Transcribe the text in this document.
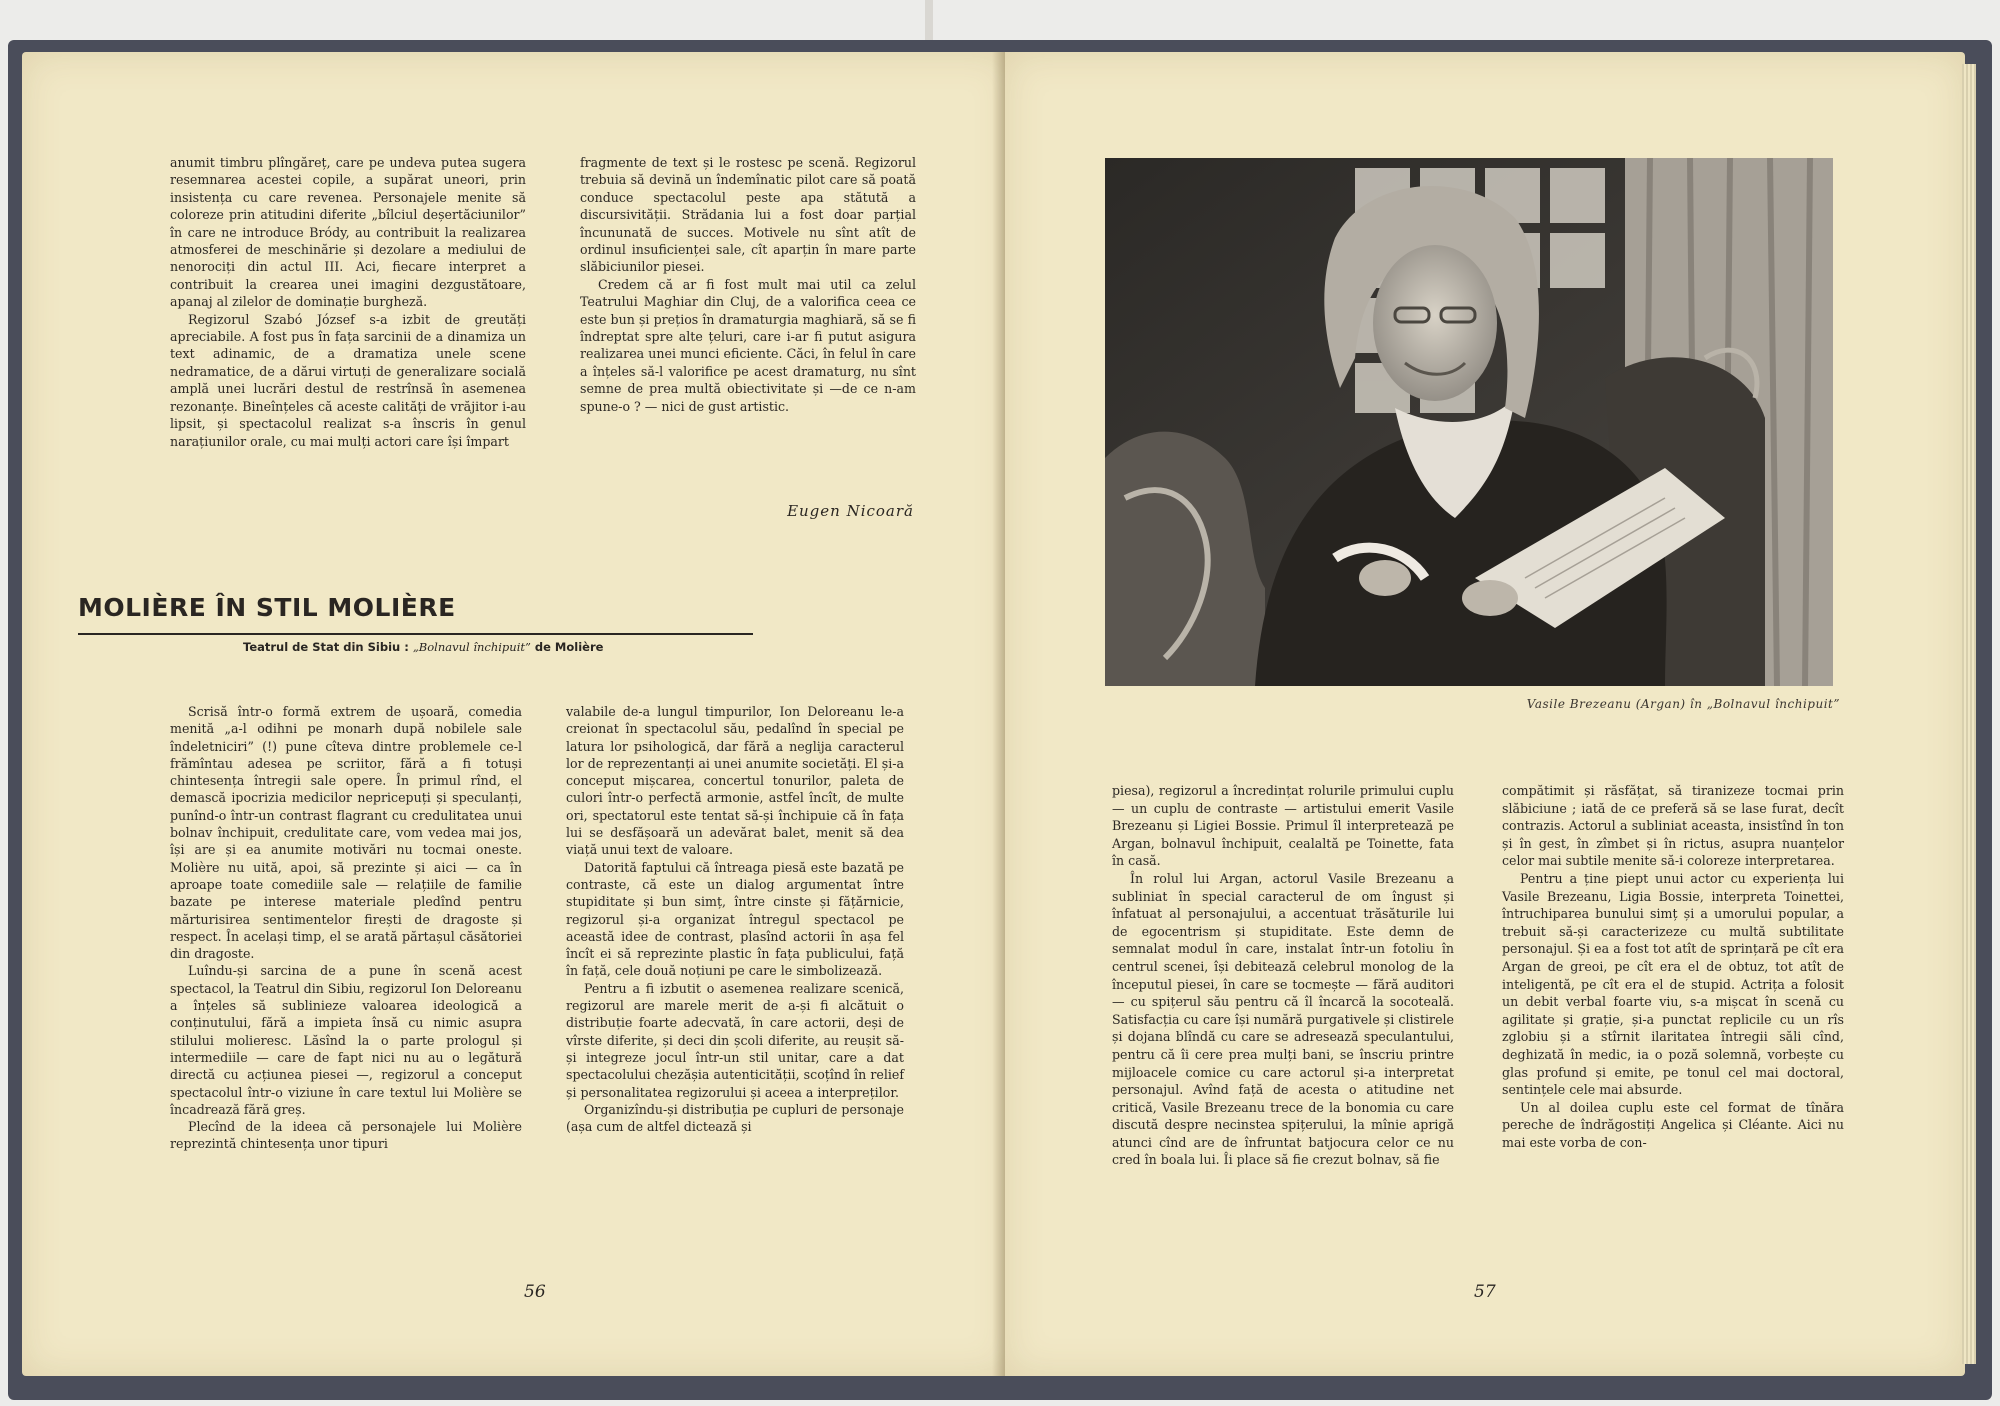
anumit timbru plîngăreț, care pe undeva putea sugera resemnarea acestei copile, a supărat uneori, prin insistența cu care revenea. Personajele menite să coloreze prin atitudini diferite „bîlciul deșertăciunilor” în care ne introduce Bródy, au contribuit la realizarea atmosferei de meschinărie și dezolare a mediului de nenorociți din actul III. Aci, fiecare interpret a contribuit la crearea unei imagini dezgustătoare, apanaj al zilelor de dominație burgheză.

Regizorul Szabó József s-a izbit de greutăți apreciabile. A fost pus în fața sarcinii de a dinamiza un text adinamic, de a dramatiza unele scene nedramatice, de a dărui virtuți de generalizare socială amplă unei lucrări destul de restrînsă în asemenea rezonanțe. Bineînțeles că aceste calități de vrăjitor i-au lipsit, și spectacolul realizat s-a înscris în genul narațiunilor orale, cu mai mulți actori care își împart

fragmente de text și le rostesc pe scenă. Regizorul trebuia să devină un îndemînatic pilot care să poată conduce spectacolul peste apa stătută a discursivității. Strădania lui a fost doar parțial încununată de succes. Motivele nu sînt atît de ordinul insuficienței sale, cît aparțin în mare parte slăbiciunilor piesei.

Credem că ar fi fost mult mai util ca zelul Teatrului Maghiar din Cluj, de a valorifica ceea ce este bun și prețios în dramaturgia maghiară, să se fi îndreptat spre alte țeluri, care i-ar fi putut asigura realizarea unei munci eficiente. Căci, în felul în care a înțeles să-l valorifice pe acest dramaturg, nu sînt semne de prea multă obiectivitate și —de ce n-am spune-o ? — nici de gust artistic.

Eugen Nicoară
MOLIÈRE ÎN STIL MOLIÈRE
Teatrul de Stat din Sibiu : „Bolnavul închipuit” de Molière

Scrisă într-o formă extrem de ușoară, comedia menită „a-l odihni pe monarh după nobilele sale îndeletniciri” (!) pune cîteva dintre problemele ce-l frămîntau adesea pe scriitor, fără a fi totuși chintesența întregii sale opere. În primul rînd, el demască ipocrizia medicilor nepricepuți și speculanți, punînd-o într-un contrast flagrant cu credulitatea unui bolnav închipuit, credulitate care, vom vedea mai jos, își are și ea anumite motivări nu tocmai oneste. Molière nu uită, apoi, să prezinte și aici — ca în aproape toate comediile sale — relațiile de familie bazate pe interese materiale pledînd pentru mărturisirea sentimentelor firești de dragoste și respect. În același timp, el se arată părtașul căsătoriei din dragoste.

Luîndu-și sarcina de a pune în scenă acest spectacol, la Teatrul din Sibiu, regizorul Ion Deloreanu a înțeles să sublinieze valoarea ideologică a conținutului, fără a impieta însă cu nimic asupra stilului molieresc. Lăsînd la o parte prologul și intermediile — care de fapt nici nu au o legătură directă cu acțiunea piesei —, regizorul a conceput spectacolul într-o viziune în care textul lui Molière se încadrează fără greș.

Plecînd de la ideea că personajele lui Molière reprezintă chintesența unor tipuri

valabile de-a lungul timpurilor, Ion Deloreanu le-a creionat în spectacolul său, pedalînd în special pe latura lor psihologică, dar fără a neglija caracterul lor de reprezentanți ai unei anumite societăți. El și-a conceput mișcarea, concertul tonurilor, paleta de culori într-o perfectă armonie, astfel încît, de multe ori, spectatorul este tentat să-și închipuie că în fața lui se desfășoară un adevărat balet, menit să dea viață unui text de valoare.

Datorită faptului că întreaga piesă este bazată pe contraste, că este un dialog argumentat între stupiditate și bun simț, între cinste și fățărnicie, regizorul și-a organizat întregul spectacol pe această idee de contrast, plasînd actorii în așa fel încît ei să reprezinte plastic în fața publicului, față în față, cele două noțiuni pe care le simbolizează.

Pentru a fi izbutit o asemenea realizare scenică, regizorul are marele merit de a-și fi alcătuit o distribuție foarte adecvată, în care actorii, deși de vîrste diferite, și deci din școli diferite, au reușit să-și integreze jocul într-un stil unitar, care a dat spectacolului chezășia autenticității, scoțînd în relief și personalitatea regizorului și aceea a interpreților.

Organizîndu-și distribuția pe cupluri de personaje (așa cum de altfel dictează și

56
Vasile Brezeanu (Argan) în „Bolnavul închipuit”

piesa), regizorul a încredințat rolurile primului cuplu — un cuplu de contraste — artistului emerit Vasile Brezeanu și Ligiei Bossie. Primul îl interpretează pe Argan, bolnavul închipuit, cealaltă pe Toinette, fata în casă.

În rolul lui Argan, actorul Vasile Brezeanu a subliniat în special caracterul de om îngust și înfatuat al personajului, a accentuat trăsăturile lui de egocentrism și stupiditate. Este demn de semnalat modul în care, instalat într-un fotoliu în centrul scenei, își debitează celebrul monolog de la începutul piesei, în care se tocmește — fără auditori — cu spițerul său pentru că îl încarcă la socoteală. Satisfacția cu care își numără purgativele și clistirele și dojana blîndă cu care se adresează speculantului, pentru că îi cere prea mulți bani, se înscriu printre mijloacele comice cu care actorul și-a interpretat personajul. Avînd față de acesta o atitudine net critică, Vasile Brezeanu trece de la bonomia cu care discută despre necinstea spițerului, la mînie aprigă atunci cînd are de înfruntat batjocura celor ce nu cred în boala lui. Îi place să fie crezut bolnav, să fie

compătimit și răsfățat, să tiranizeze tocmai prin slăbiciune ; iată de ce preferă să se lase furat, decît contrazis. Actorul a subliniat aceasta, insistînd în ton și în gest, în zîmbet și în rictus, asupra nuanțelor celor mai subtile menite să-i coloreze interpretarea.

Pentru a ține piept unui actor cu experiența lui Vasile Brezeanu, Ligia Bossie, interpreta Toinettei, întruchiparea bunului simț și a umorului popular, a trebuit să-și caracterizeze cu multă subtilitate personajul. Și ea a fost tot atît de sprințară pe cît era Argan de greoi, pe cît era el de obtuz, tot atît de inteligentă, pe cît era el de stupid. Actrița a folosit un debit verbal foarte viu, s-a mișcat în scenă cu agilitate și grație, și-a punctat replicile cu un rîs zglobiu și a stîrnit ilaritatea întregii săli cînd, deghizată în medic, ia o poză solemnă, vorbește cu glas profund și emite, pe tonul cel mai doctoral, sentințele cele mai absurde.

Un al doilea cuplu este cel format de tînăra pereche de îndrăgostiți Angelica și Cléante. Aici nu mai este vorba de con-

57
